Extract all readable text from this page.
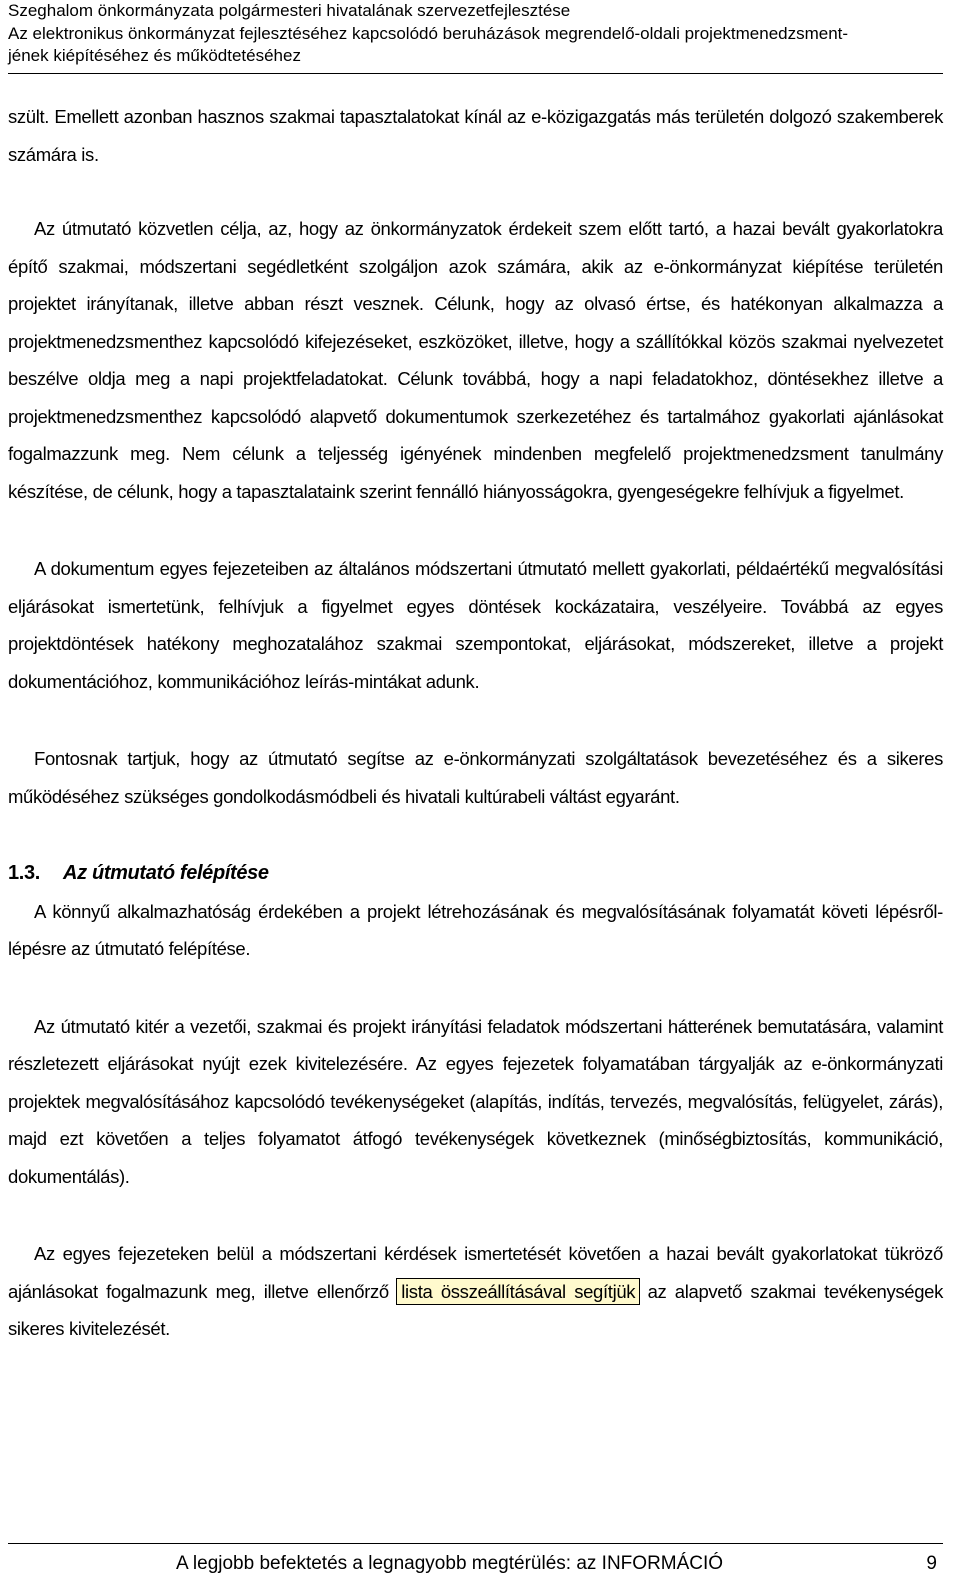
Szeghalom önkormányzata polgármesteri hivatalának szervezetfejlesztése
Az elektronikus önkormányzat fejlesztéséhez kapcsolódó beruházások megrendelő-oldali projektmenedzsment-
jének kiépítéséhez és működtetéséhez

szült. Emellett azonban hasznos szakmai tapasztalatokat kínál az e-közigazgatás más területén dolgozó szakemberek számára is.

Az útmutató közvetlen célja, az, hogy az önkormányzatok érdekeit szem előtt tartó, a hazai bevált gyakorlatokra építő szakmai, módszertani segédletként szolgáljon azok számára, akik az e-önkormányzat kiépítése területén projektet irányítanak, illetve abban részt vesznek. Célunk, hogy az olvasó értse, és hatékonyan alkalmazza a projektmenedzsmenthez kapcsolódó kifejezéseket, eszközöket, illetve, hogy a szállítókkal közös szakmai nyelvezetet beszélve oldja meg a napi projektfeladatokat. Célunk továbbá, hogy a napi feladatokhoz, döntésekhez illetve a projektmenedzsmenthez kapcsolódó alapvető dokumentumok szerkezetéhez és tartalmához gyakorlati ajánlásokat fogalmazzunk meg. Nem célunk a teljesség igényének mindenben megfelelő projektmenedzsment tanulmány készítése, de célunk, hogy a tapasztalataink szerint fennálló hiányosságokra, gyengeségekre felhívjuk a figyelmet.

A dokumentum egyes fejezeteiben az általános módszertani útmutató mellett gyakorlati, példaértékű megvalósítási eljárásokat ismertetünk, felhívjuk a figyelmet egyes döntések kockázataira, veszélyeire. Továbbá az egyes projektdöntések hatékony meghozatalához szakmai szempontokat, eljárásokat, módszereket, illetve a projekt dokumentációhoz, kommunikációhoz leírás-mintákat adunk.

Fontosnak tartjuk, hogy az útmutató segítse az e-önkormányzati szolgáltatások bevezetéséhez és a sikeres működéséhez szükséges gondolkodásmódbeli és hivatali kultúrabeli váltást egyaránt.

1.3. Az útmutató felépítése

A könnyű alkalmazhatóság érdekében a projekt létrehozásának és megvalósításának folyamatát követi lépésről-lépésre az útmutató felépítése.

Az útmutató kitér a vezetői, szakmai és projekt irányítási feladatok módszertani hátterének bemutatására, valamint részletezett eljárásokat nyújt ezek kivitelezésére. Az egyes fejezetek folyamatában tárgyalják az e-önkormányzati projektek megvalósításához kapcsolódó tevékenységeket (alapítás, indítás, tervezés, megvalósítás, felügyelet, zárás), majd ezt követően a teljes folyamatot átfogó tevékenységek következnek (minőségbiztosítás, kommunikáció, dokumentálás).

Az egyes fejezeteken belül a módszertani kérdések ismertetését követően a hazai bevált gyakorlatokat tükröző ajánlásokat fogalmazunk meg, illetve ellenőrző lista összeállításával segítjük az alapvető szakmai tevékenységek sikeres kivitelezését.

A legjobb befektetés a legnagyobb megtérülés: az INFORMÁCIÓ	9
